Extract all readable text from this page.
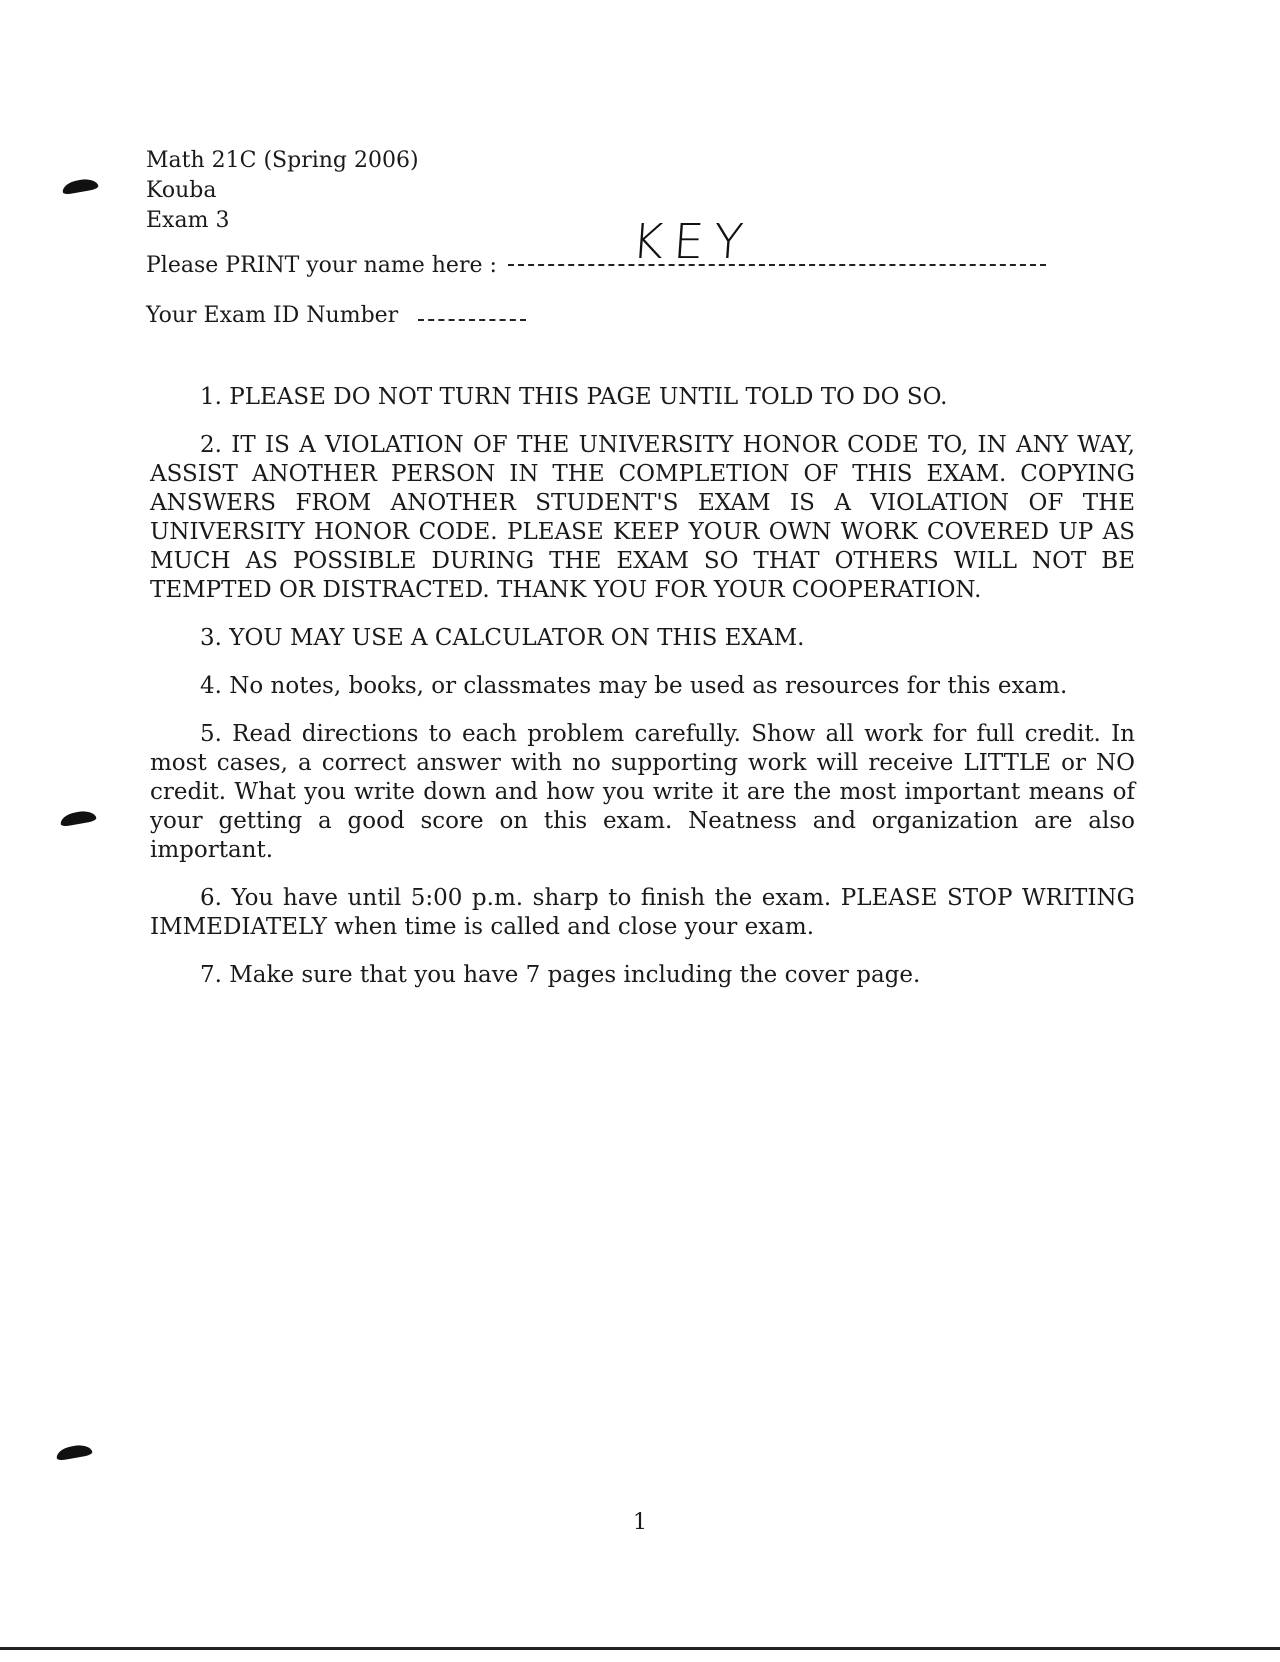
Math 21C (Spring 2006)
Kouba
Exam 3	KEY
Please PRINT your name here :
Your Exam ID Number

1. PLEASE DO NOT TURN THIS PAGE UNTIL TOLD TO DO SO.

2. IT IS A VIOLATION OF THE UNIVERSITY HONOR CODE TO, IN ANY WAY, ASSIST ANOTHER PERSON IN THE COMPLETION OF THIS EXAM. COPYING ANSWERS FROM ANOTHER STUDENT'S EXAM IS A VIOLATION OF THE UNIVERSITY HONOR CODE. PLEASE KEEP YOUR OWN WORK COVERED UP AS MUCH AS POSSIBLE DURING THE EXAM SO THAT OTHERS WILL NOT BE TEMPTED OR DISTRACTED. THANK YOU FOR YOUR COOPERATION.

3. YOU MAY USE A CALCULATOR ON THIS EXAM.

4. No notes, books, or classmates may be used as resources for this exam.

5. Read directions to each problem carefully. Show all work for full credit. In most cases, a correct answer with no supporting work will receive LITTLE or NO credit. What you write down and how you write it are the most important means of your getting a good score on this exam. Neatness and organization are also important.

6. You have until 5:00 p.m. sharp to finish the exam. PLEASE STOP WRITING IMMEDIATELY when time is called and close your exam.

7. Make sure that you have 7 pages including the cover page.

1
